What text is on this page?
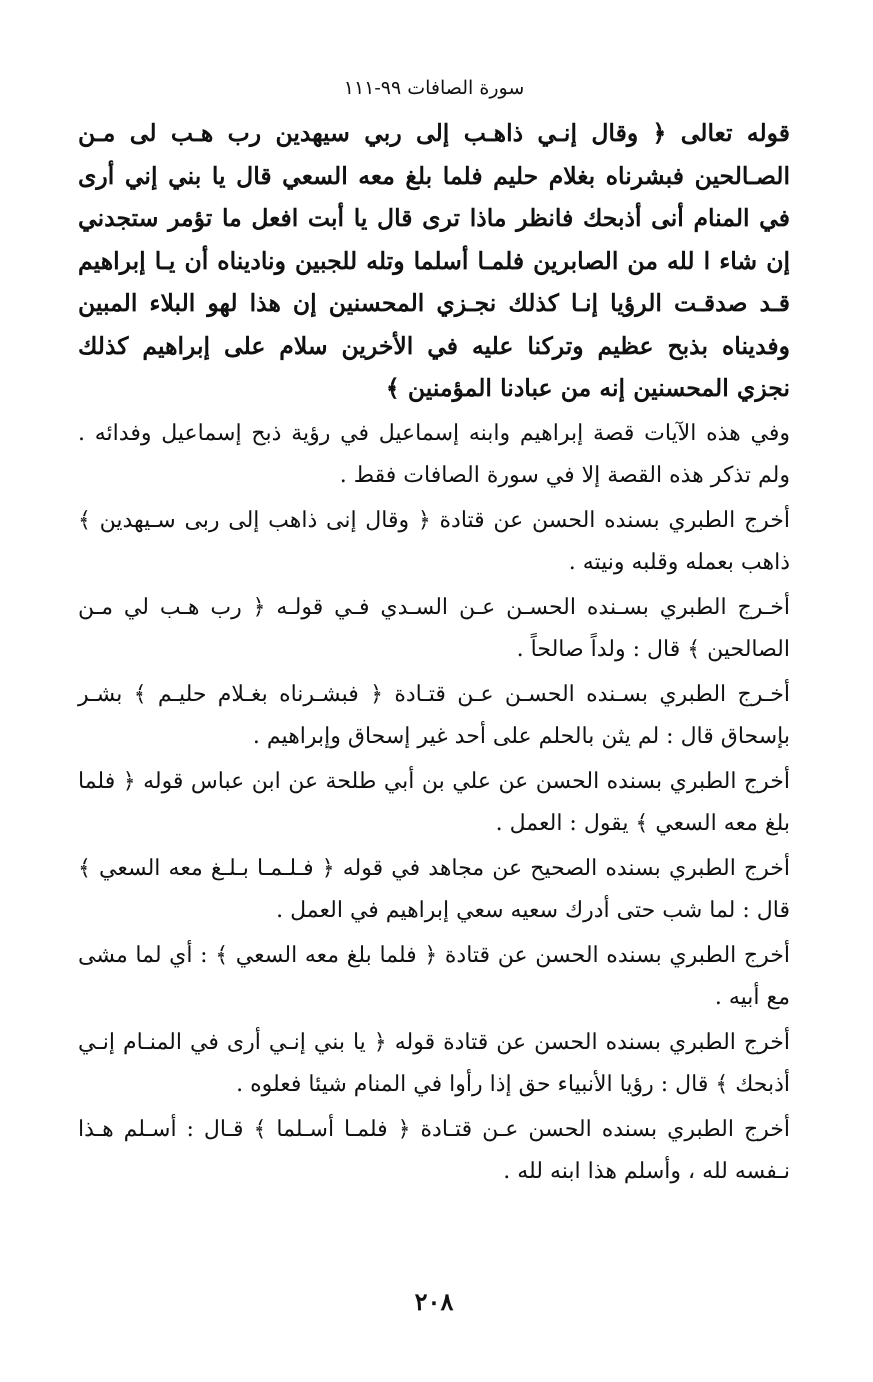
سورة الصافات ٩٩-١١١
قوله تعالى ﴿ وقال إنـي ذاهـب إلى ربي سيهدين رب هـب لى مـن الصـالحين فبشرناه بغلام حليم فلما بلغ معه السعي قال يا بني إني أرى في المنام أنى أذبحك فانظر ماذا ترى قال يا أبت افعل ما تؤمر ستجدني إن شاء ا لله من الصابرين فلمـا أسلما وتله للجبين وناديناه أن يـا إبراهيم قـد صدقـت الرؤيا إنـا كذلك نجـزي المحسنين إن هذا لهو البلاء المبين وفديناه بذبح عظيم وتركنا عليه في الأخرين سلام على إبراهيم كذلك نجزي المحسنين إنه من عبادنا المؤمنين ﴾
وفي هذه الآيات قصة إبراهيم وابنه إسماعيل في رؤية ذبح إسماعيل وفدائه . ولم تذكر هذه القصة إلا في سورة الصافات فقط .
أخرج الطبري بسنده الحسن عن قتادة ﴿ وقال إنى ذاهب إلى ربى سـيهدين ﴾ ذاهب بعمله وقلبه ونيته .
أخـرج الطبري بسـنده الحسـن عـن السـدي فـي قولـه ﴿ رب هـب لي مـن الصالحين ﴾ قال : ولداً صالحاً .
أخـرج الطبري بسـنده الحسـن عـن قتـادة ﴿ فبشـرناه بغـلام حليـم ﴾ بشـر بإسحاق قال : لم يثن بالحلم على أحد غير إسحاق وإبراهيم .
أخرج الطبري بسنده الحسن عن علي بن أبي طلحة عن ابن عباس قوله ﴿ فلما بلغ معه السعي ﴾ يقول : العمل .
أخرج الطبري بسنده الصحيح عن مجاهد في قوله ﴿ فـلـمـا بـلـغ معه السعي ﴾ قال : لما شب حتى أدرك سعيه سعي إبراهيم في العمل .
أخرج الطبري بسنده الحسن عن قتادة ﴿ فلما بلغ معه السعي ﴾ : أي لما مشى مع أبيه .
أخرج الطبري بسنده الحسن عن قتادة قوله ﴿ يا بني إنـي أرى في المنـام إنـي أذبحك ﴾ قال : رؤيا الأنبياء حق إذا رأوا في المنام شيئا فعلوه .
أخرج الطبري بسنده الحسن عـن قتـادة ﴿ فلمـا أسـلما ﴾ قـال : أسـلم هـذا نـفسه لله ، وأسلم هذا ابنه لله .
٢٠٨
